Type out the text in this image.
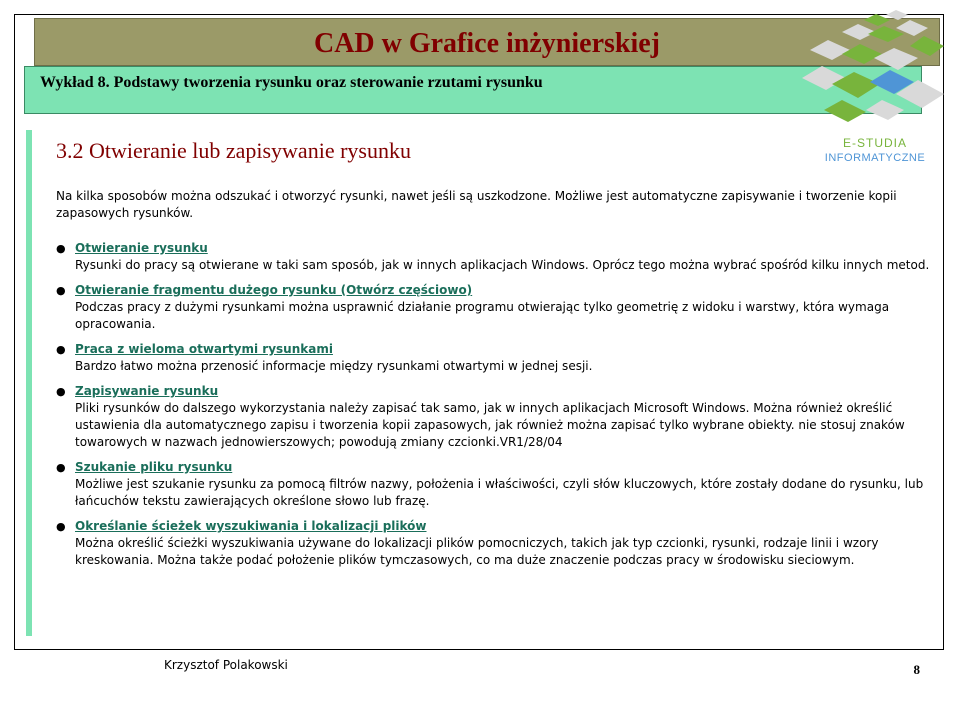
CAD w Grafice inżynierskiej
Wykład 8. Podstawy tworzenia rysunku oraz sterowanie rzutami rysunku
E-STUDIA
INFORMATYCZNE
3.2 Otwieranie lub zapisywanie rysunku

Na kilka sposobów można odszukać i otworzyć rysunki, nawet jeśli są uszkodzone. Możliwe jest automatyczne zapisywanie i tworzenie kopii zapasowych rysunków.

● Otwieranie rysunku
Rysunki do pracy są otwierane w taki sam sposób, jak w innych aplikacjach Windows. Oprócz tego można wybrać spośród kilku innych metod.
● Otwieranie fragmentu dużego rysunku (Otwórz częściowo)
Podczas pracy z dużymi rysunkami można usprawnić działanie programu otwierając tylko geometrię z widoku i warstwy, która wymaga opracowania.
● Praca z wieloma otwartymi rysunkami
Bardzo łatwo można przenosić informacje między rysunkami otwartymi w jednej sesji.
● Zapisywanie rysunku
Pliki rysunków do dalszego wykorzystania należy zapisać tak samo, jak w innych aplikacjach Microsoft Windows. Można również określić ustawienia dla automatycznego zapisu i tworzenia kopii zapasowych, jak również można zapisać tylko wybrane obiekty. nie stosuj znaków towarowych w nazwach jednowierszowych; powodują zmiany czcionki.VR1/28/04
● Szukanie pliku rysunku
Możliwe jest szukanie rysunku za pomocą filtrów nazwy, położenia i właściwości, czyli słów kluczowych, które zostały dodane do rysunku, lub łańcuchów tekstu zawierających określone słowo lub frazę.
● Określanie ścieżek wyszukiwania i lokalizacji plików
Można określić ścieżki wyszukiwania używane do lokalizacji plików pomocniczych, takich jak typ czcionki, rysunki, rodzaje linii i wzory kreskowania. Można także podać położenie plików tymczasowych, co ma duże znaczenie podczas pracy w środowisku sieciowym.
Krzysztof Polakowski	8
